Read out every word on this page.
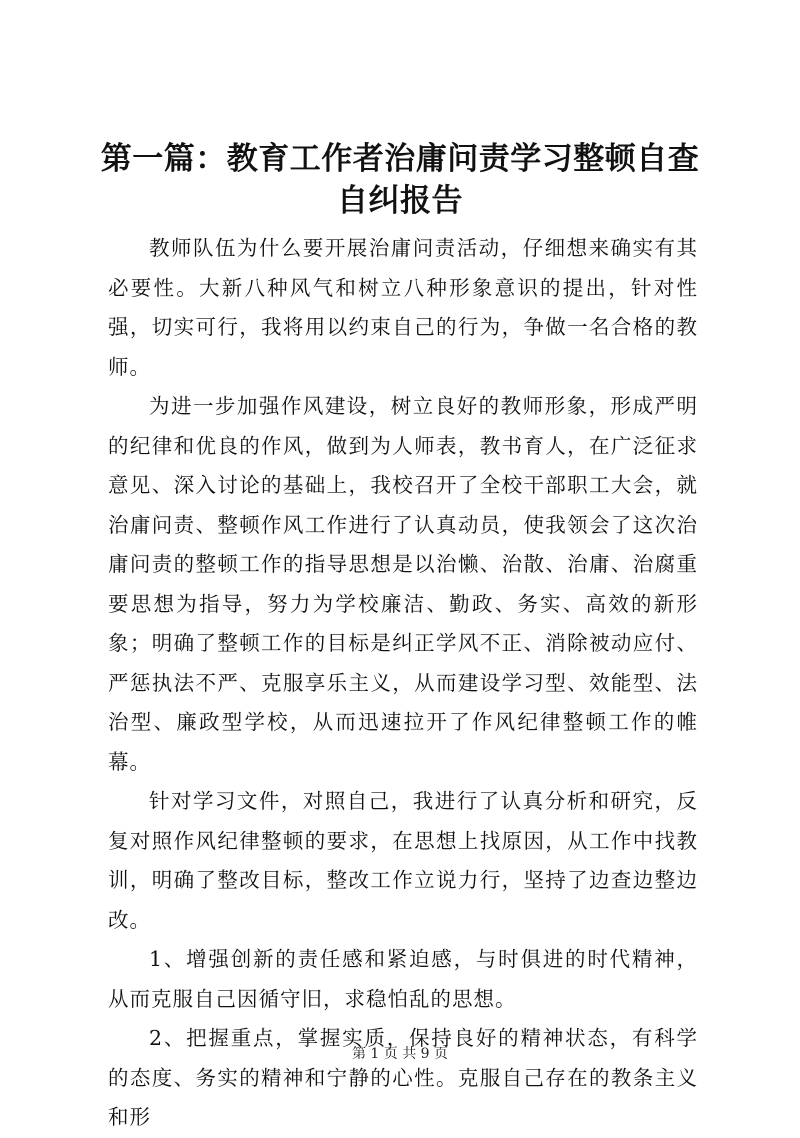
第一篇：教育工作者治庸问责学习整顿自查自纠报告

教师队伍为什么要开展治庸问责活动，仔细想来确实有其必要性。大新八种风气和树立八种形象意识的提出，针对性强，切实可行，我将用以约束自己的行为，争做一名合格的教师。

为进一步加强作风建设，树立良好的教师形象，形成严明的纪律和优良的作风，做到为人师表，教书育人，在广泛征求意见、深入讨论的基础上，我校召开了全校干部职工大会，就治庸问责、整顿作风工作进行了认真动员，使我领会了这次治庸问责的整顿工作的指导思想是以治懒、治散、治庸、治腐重要思想为指导，努力为学校廉洁、勤政、务实、高效的新形象；明确了整顿工作的目标是纠正学风不正、消除被动应付、严惩执法不严、克服享乐主义，从而建设学习型、效能型、法治型、廉政型学校，从而迅速拉开了作风纪律整顿工作的帷幕。

针对学习文件，对照自己，我进行了认真分析和研究，反复对照作风纪律整顿的要求，在思想上找原因，从工作中找教训，明确了整改目标，整改工作立说力行，坚持了边查边整边改。

1、增强创新的责任感和紧迫感，与时俱进的时代精神，从而克服自己因循守旧，求稳怕乱的思想。

2、把握重点，掌握实质，保持良好的精神状态，有科学的态度、务实的精神和宁静的心性。克服自己存在的教条主义和形

第 1 页 共 9 页
